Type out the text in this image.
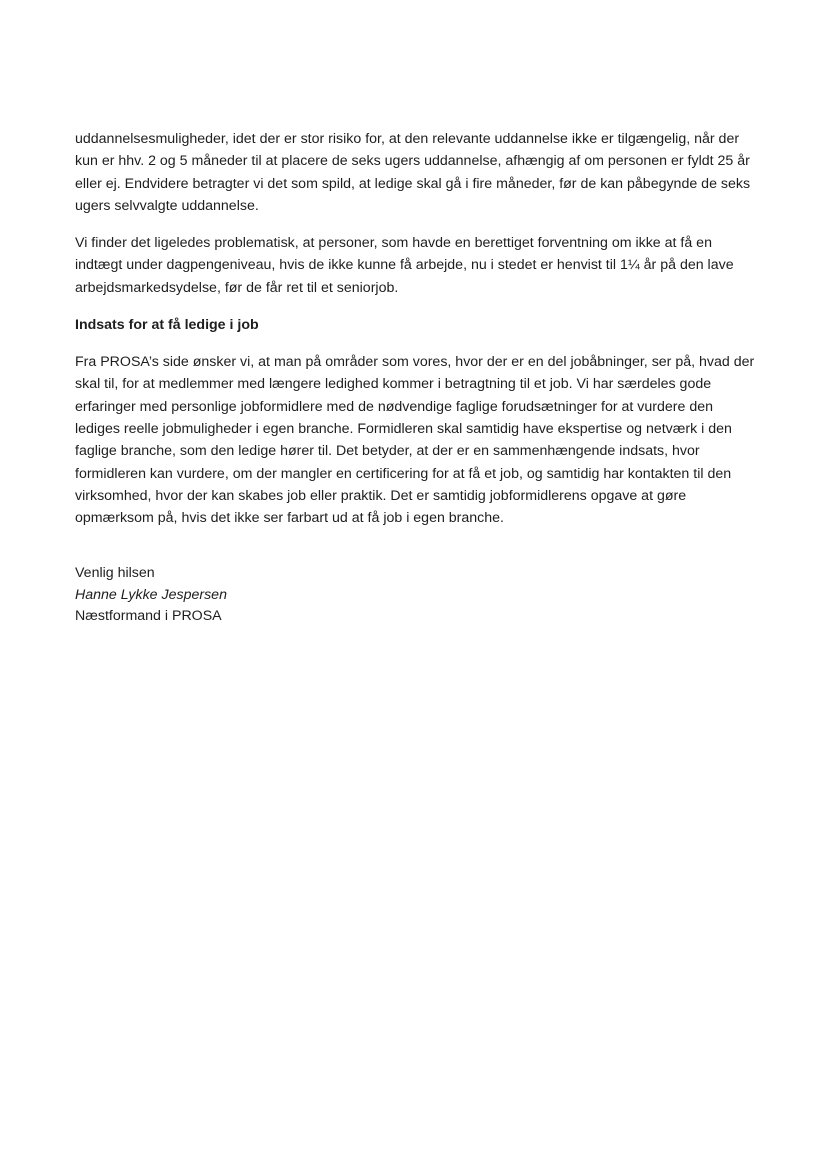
uddannelsesmuligheder, idet der er stor risiko for, at den relevante uddannelse ikke er tilgængelig, når der
kun er hhv. 2 og 5 måneder til at placere de seks ugers uddannelse, afhængig af om personen er fyldt 25 år
eller ej. Endvidere betragter vi det som spild, at ledige skal gå i fire måneder, før de kan påbegynde de seks
ugers selvvalgte uddannelse.
Vi finder det ligeledes problematisk, at personer, som havde en berettiget forventning om ikke at få en
indtægt under dagpengeniveau, hvis de ikke kunne få arbejde, nu i stedet er henvist til 1¼ år på den lave
arbejdsmarkedsydelse, før de får ret til et seniorjob.
Indsats for at få ledige i job
Fra PROSA’s side ønsker vi, at man på områder som vores, hvor der er en del jobåbninger, ser på, hvad der
skal til, for at medlemmer med længere ledighed kommer i betragtning til et job. Vi har særdeles gode
erfaringer med personlige jobformidlere med de nødvendige faglige forudsætninger for at vurdere den
lediges reelle jobmuligheder i egen branche. Formidleren skal samtidig have ekspertise og netværk i den
faglige branche, som den ledige hører til. Det betyder, at der er en sammenhængende indsats, hvor
formidleren kan vurdere, om der mangler en certificering for at få et job, og samtidig har kontakten til den
virksomhed, hvor der kan skabes job eller praktik. Det er samtidig jobformidlerens opgave at gøre
opmærksom på, hvis det ikke ser farbart ud at få job i egen branche.
Venlig hilsen
Hanne Lykke Jespersen
Næstformand i PROSA
